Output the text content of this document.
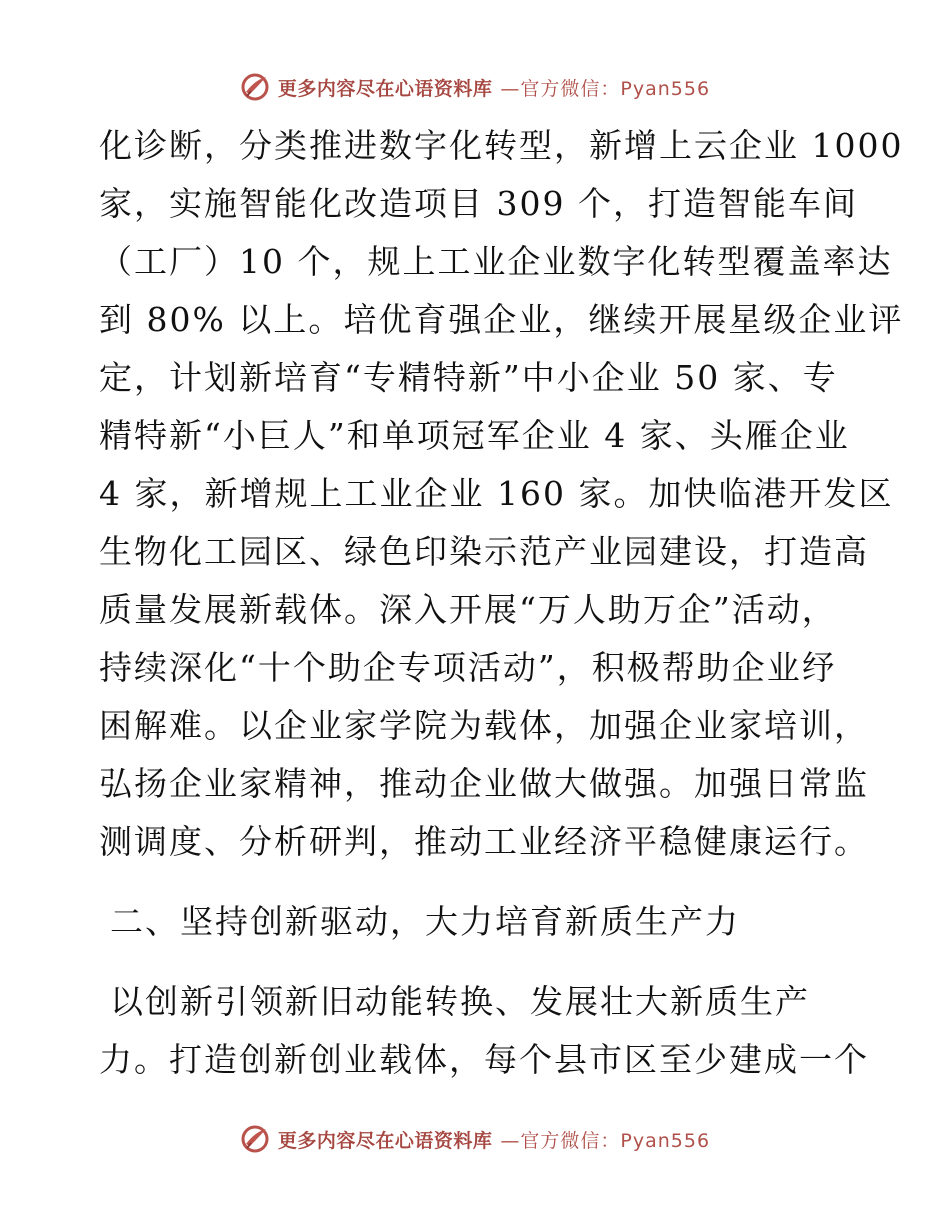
更多内容尽在心语资料库 —官方微信：Pyan556
化诊断，分类推进数字化转型，新增上云企业 1000
家，实施智能化改造项目 309 个，打造智能车间
（工厂）10 个，规上工业企业数字化转型覆盖率达
到 80% 以上。培优育强企业，继续开展星级企业评
定，计划新培育“专精特新”中小企业 50 家、专
精特新“小巨人”和单项冠军企业 4 家、头雁企业
4 家，新增规上工业企业 160 家。加快临港开发区
生物化工园区、绿色印染示范产业园建设，打造高
质量发展新载体。深入开展“万人助万企”活动，
持续深化“十个助企专项活动”，积极帮助企业纾
困解难。以企业家学院为载体，加强企业家培训，
弘扬企业家精神，推动企业做大做强。加强日常监
测调度、分析研判，推动工业经济平稳健康运行。
二、坚持创新驱动，大力培育新质生产力
以创新引领新旧动能转换、发展壮大新质生产
力。打造创新创业载体，每个县市区至少建成一个
更多内容尽在心语资料库 —官方微信：Pyan556
